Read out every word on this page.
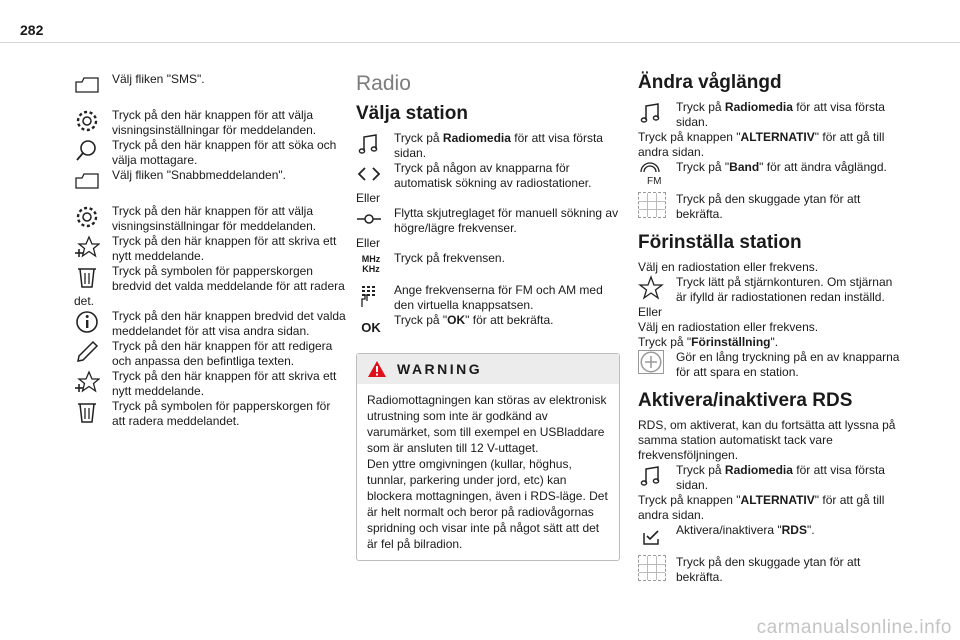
282
Välj fliken "SMS".
Tryck på den här knappen för att välja visningsinställningar för meddelanden.
Tryck på den här knappen för att söka och välja mottagare.
Välj fliken "Snabbmeddelanden".
Tryck på den här knappen för att välja visningsinställningar för meddelanden.
Tryck på den här knappen för att skriva ett nytt meddelande.
Tryck på symbolen för papperskorgen bredvid det valda meddelande för att radera det.
Tryck på den här knappen bredvid det valda meddelandet för att visa andra sidan.
Tryck på den här knappen för att redigera och anpassa den befintliga texten.
Tryck på den här knappen för att skriva ett nytt meddelande.
Tryck på symbolen för papperskorgen för att radera meddelandet.
Radio
Välja station
Tryck på Radiomedia för att visa första sidan.
Tryck på någon av knapparna för automatisk sökning av radiostationer.
Eller
Flytta skjutreglaget för manuell sökning av högre/lägre frekvenser.
Eller
MHz
KHz
Tryck på frekvensen.
Ange frekvenserna för FM och AM med den virtuella knappsatsen.
OK	Tryck på "OK" för att bekräfta.
WARNING
Radiomottagningen kan störas av elektronisk utrustning som inte är godkänd av varumärket, som till exempel en USBladdare som är ansluten till 12 V-uttaget.
Den yttre omgivningen (kullar, höghus, tunnlar, parkering under jord, etc) kan blockera mottagningen, även i RDS-läge. Det är helt normalt och beror på radiovågornas spridning och visar inte på något sätt att det är fel på bilradion.
Ändra våglängd
Tryck på Radiomedia för att visa första sidan.
Tryck på knappen "ALTERNATIV" för att gå till andra sidan.
FM
Tryck på "Band" för att ändra våglängd.
Tryck på den skuggade ytan för att bekräfta.
Förinställa station
Välj en radiostation eller frekvens.
Tryck lätt på stjärnkonturen. Om stjärnan är ifylld är radiostationen redan inställd.
Eller
Välj en radiostation eller frekvens.
Tryck på "Förinställning".
Gör en lång tryckning på en av knapparna för att spara en station.
Aktivera/inaktivera RDS
RDS, om aktiverat, kan du fortsätta att lyssna på samma station automatiskt tack vare frekvensföljningen.
Tryck på Radiomedia för att visa första sidan.
Tryck på knappen "ALTERNATIV" för att gå till andra sidan.
Aktivera/inaktivera "RDS".
Tryck på den skuggade ytan för att bekräfta.
carmanualsonline.info
